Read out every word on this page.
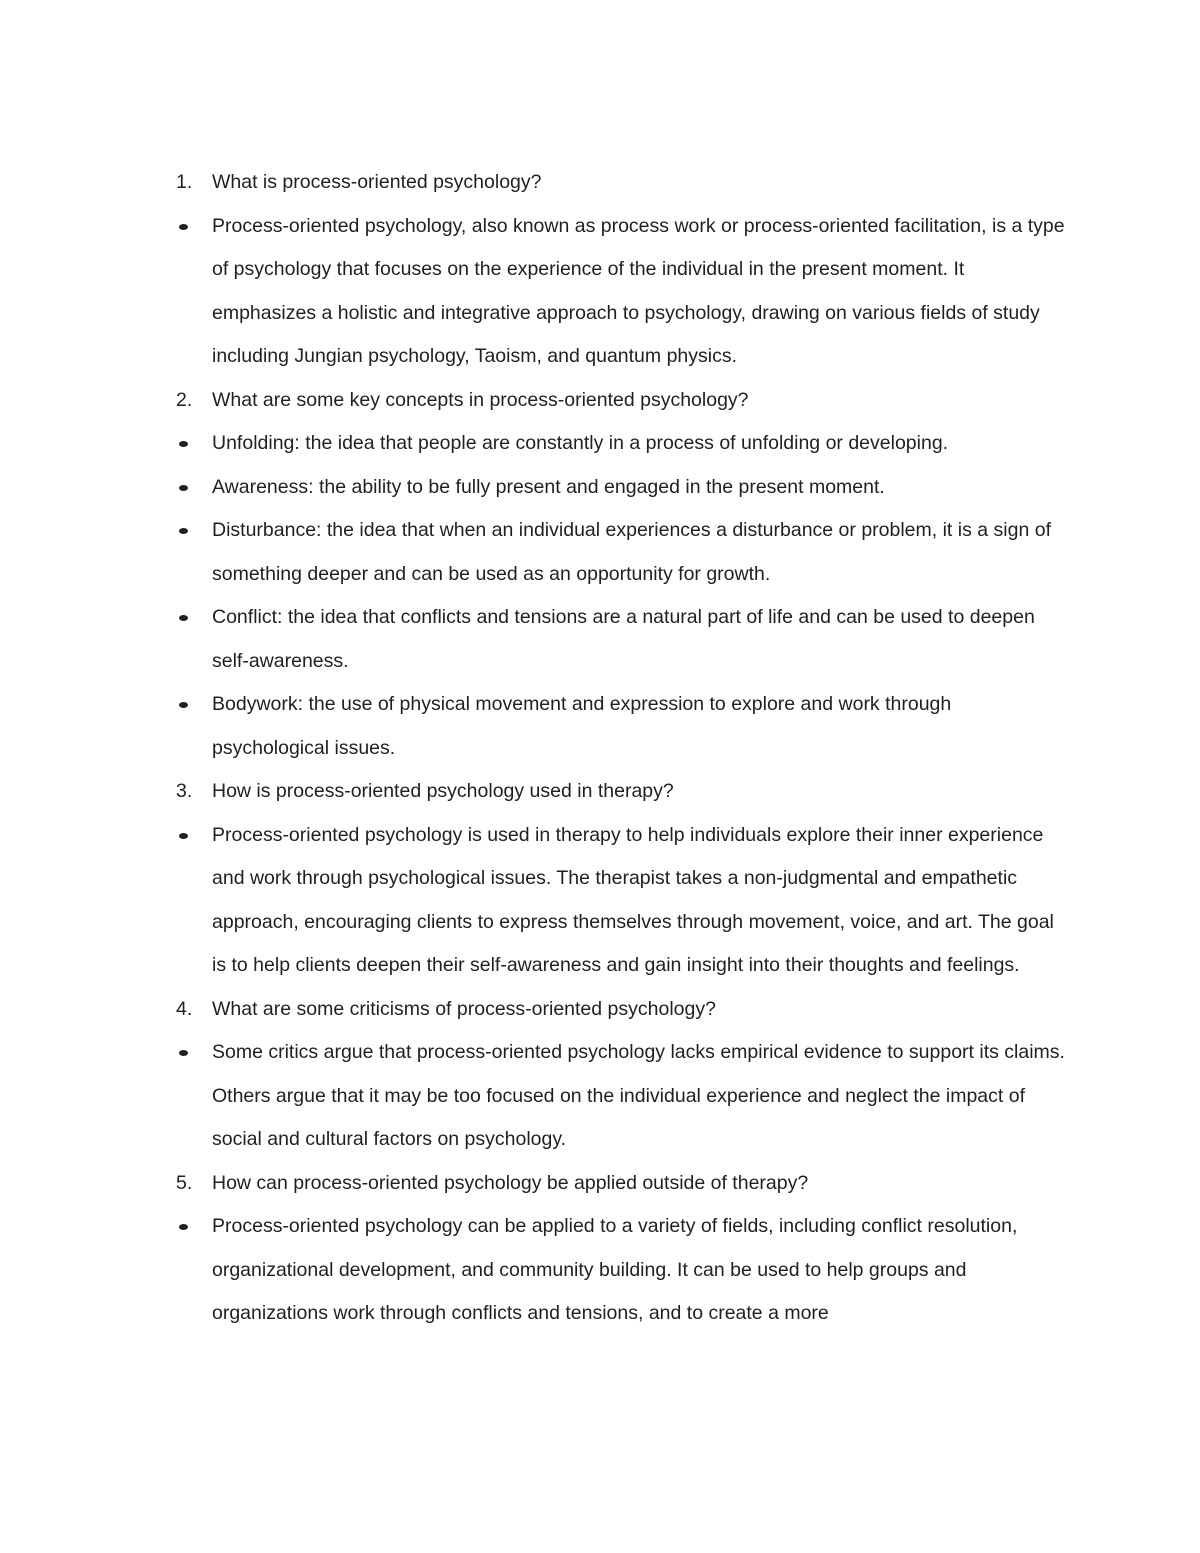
1.	What is process-oriented psychology?
Process-oriented psychology, also known as process work or process-oriented facilitation, is a type of psychology that focuses on the experience of the individual in the present moment. It emphasizes a holistic and integrative approach to psychology, drawing on various fields of study including Jungian psychology, Taoism, and quantum physics.
2.	What are some key concepts in process-oriented psychology?
Unfolding: the idea that people are constantly in a process of unfolding or developing.
Awareness: the ability to be fully present and engaged in the present moment.
Disturbance: the idea that when an individual experiences a disturbance or problem, it is a sign of something deeper and can be used as an opportunity for growth.
Conflict: the idea that conflicts and tensions are a natural part of life and can be used to deepen self-awareness.
Bodywork: the use of physical movement and expression to explore and work through psychological issues.
3.	How is process-oriented psychology used in therapy?
Process-oriented psychology is used in therapy to help individuals explore their inner experience and work through psychological issues. The therapist takes a non-judgmental and empathetic approach, encouraging clients to express themselves through movement, voice, and art. The goal is to help clients deepen their self-awareness and gain insight into their thoughts and feelings.
4.	What are some criticisms of process-oriented psychology?
Some critics argue that process-oriented psychology lacks empirical evidence to support its claims. Others argue that it may be too focused on the individual experience and neglect the impact of social and cultural factors on psychology.
5.	How can process-oriented psychology be applied outside of therapy?
Process-oriented psychology can be applied to a variety of fields, including conflict resolution, organizational development, and community building. It can be used to help groups and organizations work through conflicts and tensions, and to create a more
